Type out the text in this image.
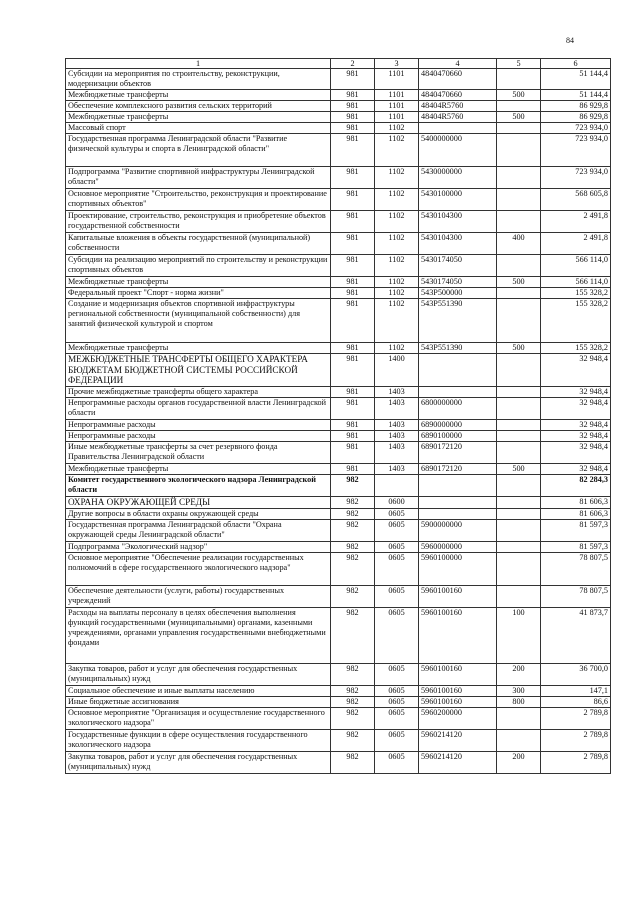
84
1	2	3	4	5	6
Субсидии на мероприятия по строительству, реконструкции, модернизации объектов	981	1101	4840470660		51 144,4
Межбюджетные трансферты	981	1101	4840470660	500	51 144,4
Обеспечение комплексного развития сельских территорий	981	1101	48404R5760		86 929,8
Межбюджетные трансферты	981	1101	48404R5760	500	86 929,8
Массовый спорт	981	1102			723 934,0
Государственная программа Ленинградской области "Развитие физической культуры и спорта в Ленинградской области"	981	1102	5400000000		723 934,0
Подпрограмма "Развитие спортивной инфраструктуры Ленинградской области"	981	1102	5430000000		723 934,0
Основное мероприятие "Строительство, реконструкция и проектирование спортивных объектов"	981	1102	5430100000		568 605,8
Проектирование, строительство, реконструкция и приобретение объектов государственной собственности	981	1102	5430104300		2 491,8
Капитальные вложения в объекты государственной (муниципальной) собственности	981	1102	5430104300	400	2 491,8
Субсидии на реализацию мероприятий по строительству и реконструкции спортивных объектов	981	1102	5430174050		566 114,0
Межбюджетные трансферты	981	1102	5430174050	500	566 114,0
Федеральный проект "Спорт - норма жизни"	981	1102	543P500000		155 328,2
Создание и модернизация объектов спортивной инфраструктуры региональной собственности (муниципальной собственности) для занятий физической культурой и спортом	981	1102	543P551390		155 328,2
Межбюджетные трансферты	981	1102	543P551390	500	155 328,2
МЕЖБЮДЖЕТНЫЕ ТРАНСФЕРТЫ ОБЩЕГО ХАРАКТЕРА БЮДЖЕТАМ БЮДЖЕТНОЙ СИСТЕМЫ РОССИЙСКОЙ ФЕДЕРАЦИИ	981	1400			32 948,4
Прочие межбюджетные трансферты общего характера	981	1403			32 948,4
Непрограммные расходы органов государственной власти Ленинградской области	981	1403	6800000000		32 948,4
Непрограммные расходы	981	1403	6890000000		32 948,4
Непрограммные расходы	981	1403	6890100000		32 948,4
Иные межбюджетные трансферты за счет резервного фонда Правительства Ленинградской области	981	1403	6890172120		32 948,4
Межбюджетные трансферты	981	1403	6890172120	500	32 948,4
Комитет государственного экологического надзора Ленинградской области	982				82 284,3
ОХРАНА ОКРУЖАЮЩЕЙ СРЕДЫ	982	0600			81 606,3
Другие вопросы в области охраны окружающей среды	982	0605			81 606,3
Государственная программа Ленинградской области "Охрана окружающей среды Ленинградской области"	982	0605	5900000000		81 597,3
Подпрограмма "Экологический надзор"	982	0605	5960000000		81 597,3
Основное мероприятие "Обеспечение реализации государственных полномочий в сфере государственного экологического надзора"	982	0605	5960100000		78 807,5
Обеспечение деятельности (услуги, работы) государственных учреждений	982	0605	5960100160		78 807,5
Расходы на выплаты персоналу в целях обеспечения выполнения функций государственными (муниципальными) органами, казенными учреждениями, органами управления государственными внебюджетными фондами	982	0605	5960100160	100	41 873,7
Закупка товаров, работ и услуг для обеспечения государственных (муниципальных) нужд	982	0605	5960100160	200	36 700,0
Социальное обеспечение и иные выплаты населению	982	0605	5960100160	300	147,1
Иные бюджетные ассигнования	982	0605	5960100160	800	86,6
Основное мероприятие "Организация и осуществление государственного экологического надзора"	982	0605	5960200000		2 789,8
Государственные функции в сфере осуществления государственного экологического надзора	982	0605	5960214120		2 789,8
Закупка товаров, работ и услуг для обеспечения государственных (муниципальных) нужд	982	0605	5960214120	200	2 789,8
